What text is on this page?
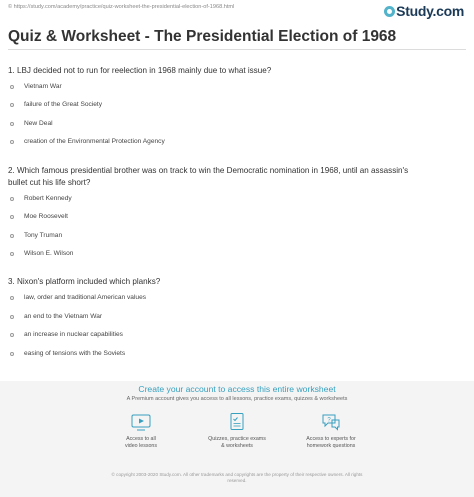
© https://study.com/academy/practice/quiz-worksheet-the-presidential-election-of-1968.html	Study.com
Quiz & Worksheet - The Presidential Election of 1968
1. LBJ decided not to run for reelection in 1968 mainly due to what issue?
Vietnam War
failure of the Great Society
New Deal
creation of the Environmental Protection Agency
2. Which famous presidential brother was on track to win the Democratic nomination in 1968, until an assassin's
bullet cut his life short?
Robert Kennedy
Moe Roosevelt
Tony Truman
Wilson E. Wilson
3. Nixon's platform included which planks?
law, order and traditional American values
an end to the Vietnam War
an increase in nuclear capabilities
easing of tensions with the Soviets
Create your account to access this entire worksheet
A Premium account gives you access to all lessons, practice exams, quizzes & worksheets
Access to all
video lessons
Quizzes, practice exams
& worksheets
?
Access to experts for
homework questions
© copyright 2003-2020 Study.com. All other trademarks and copyrights are the property of their respective owners. All rights
reserved.
